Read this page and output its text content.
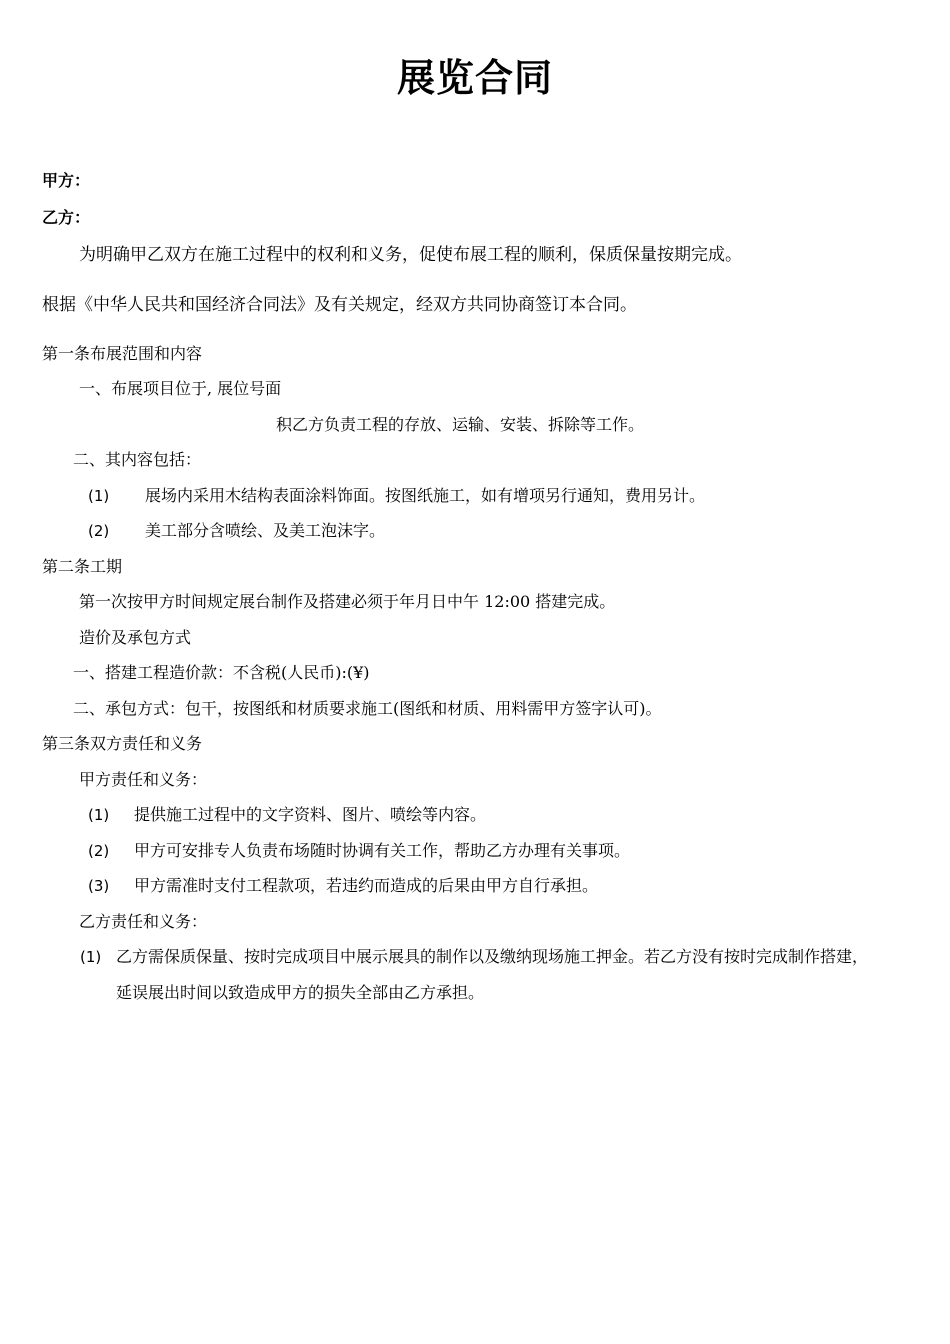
展览合同
甲方：
乙方：
为明确甲乙双方在施工过程中的权利和义务，促使布展工程的顺利，保质保量按期完成。
根据《中华人民共和国经济合同法》及有关规定，经双方共同协商签订本合同。
第一条布展范围和内容
一、布展项目位于, 展位号面
积乙方负责工程的存放、运输、安装、拆除等工作。
二、其内容包括：
(1) 展场内采用木结构表面涂料饰面。按图纸施工，如有增项另行通知，费用另计。
(2) 美工部分含喷绘、及美工泡沫字。
第二条工期
第一次按甲方时间规定展台制作及搭建必须于年月日中午 12:00 搭建完成。
造价及承包方式
一、搭建工程造价款：不含税(人民币):(¥)
二、承包方式：包干，按图纸和材质要求施工(图纸和材质、用料需甲方签字认可)。
第三条双方责任和义务
甲方责任和义务：
(1) 提供施工过程中的文字资料、图片、喷绘等内容。
(2) 甲方可安排专人负责布场随时协调有关工作，帮助乙方办理有关事项。
(3) 甲方需准时支付工程款项，若违约而造成的后果由甲方自行承担。
乙方责任和义务：
(1) 乙方需保质保量、按时完成项目中展示展具的制作以及缴纳现场施工押金。若乙方没有按时完成制作搭建，
延误展出时间以致造成甲方的损失全部由乙方承担。
